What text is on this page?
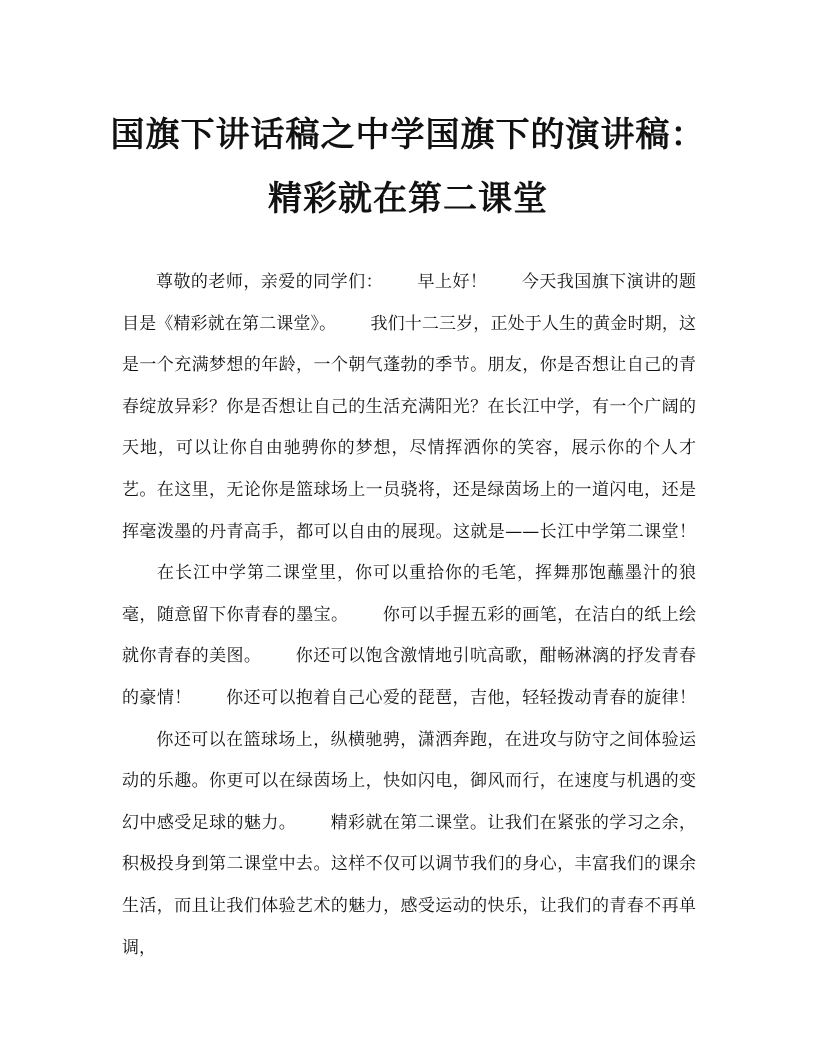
国旗下讲话稿之中学国旗下的演讲稿：
精彩就在第二课堂

尊敬的老师，亲爱的同学们： 早上好！ 今天我国旗下演讲的题目是《精彩就在第二课堂》。 我们十二三岁，正处于人生的黄金时期，这是一个充满梦想的年龄，一个朝气蓬勃的季节。朋友，你是否想让自己的青春绽放异彩？你是否想让自己的生活充满阳光？在长江中学，有一个广阔的天地，可以让你自由驰骋你的梦想，尽情挥洒你的笑容，展示你的个人才艺。在这里，无论你是篮球场上一员骁将，还是绿茵场上的一道闪电，还是挥毫泼墨的丹青高手，都可以自由的展现。这就是——长江中学第二课堂！在长江中学第二课堂里，你可以重拾你的毛笔，挥舞那饱蘸墨汁的狼毫，随意留下你青春的墨宝。 你可以手握五彩的画笔，在洁白的纸上绘就你青春的美图。 你还可以饱含激情地引吭高歌，酣畅淋漓的抒发青春的豪情！ 你还可以抱着自己心爱的琵琶，吉他，轻轻拨动青春的旋律！你还可以在篮球场上，纵横驰骋，潇洒奔跑，在进攻与防守之间体验运动的乐趣。你更可以在绿茵场上，快如闪电，御风而行，在速度与机遇的变幻中感受足球的魅力。 精彩就在第二课堂。让我们在紧张的学习之余，积极投身到第二课堂中去。这样不仅可以调节我们的身心，丰富我们的课余生活，而且让我们体验艺术的魅力，感受运动的快乐，让我们的青春不再单调，
